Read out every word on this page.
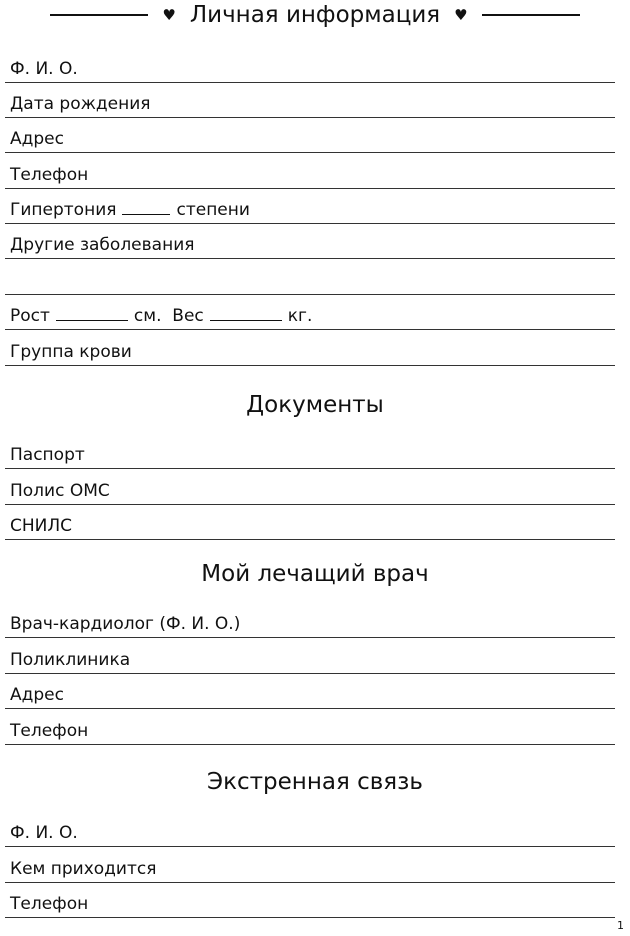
♥ Личная информация ♥
Ф. И. О.
Дата рождения
Адрес
Телефон
Гипертония	степени
Другие заболевания
Рост	см. Вес	кг.
Группа крови
Документы
Паспорт
Полис ОМС
СНИЛС
Мой лечащий врач
Врач-кардиолог (Ф. И. О.)
Поликлиника
Адрес
Телефон
Экстренная связь
Ф. И. О.
Кем приходится
Телефон
1
